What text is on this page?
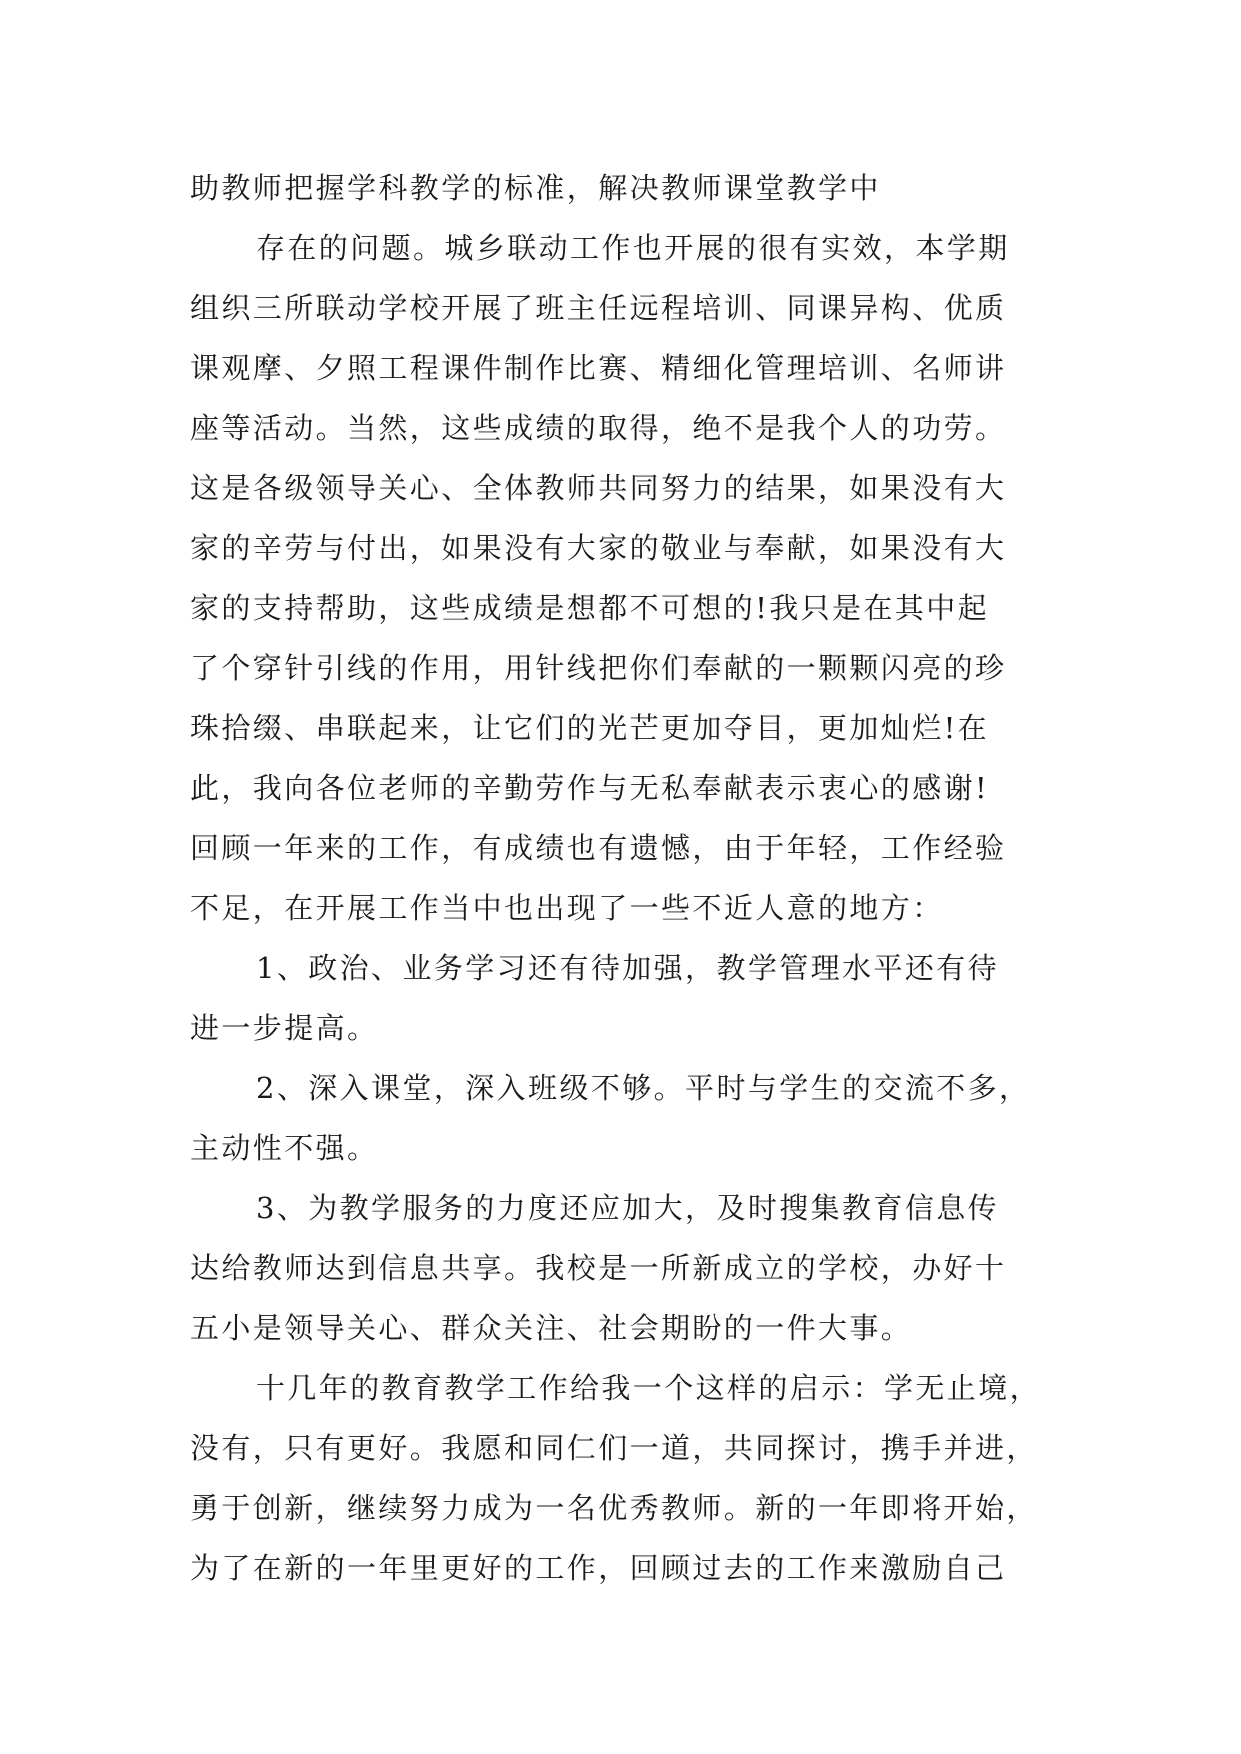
助教师把握学科教学的标准，解决教师课堂教学中
存在的问题。城乡联动工作也开展的很有实效，本学期
组织三所联动学校开展了班主任远程培训、同课异构、优质
课观摩、夕照工程课件制作比赛、精细化管理培训、名师讲
座等活动。当然，这些成绩的取得，绝不是我个人的功劳。
这是各级领导关心、全体教师共同努力的结果，如果没有大
家的辛劳与付出，如果没有大家的敬业与奉献，如果没有大
家的支持帮助，这些成绩是想都不可想的!我只是在其中起
了个穿针引线的作用，用针线把你们奉献的一颗颗闪亮的珍
珠拾缀、串联起来，让它们的光芒更加夺目，更加灿烂!在
此，我向各位老师的辛勤劳作与无私奉献表示衷心的感谢!
回顾一年来的工作，有成绩也有遗憾，由于年轻，工作经验
不足，在开展工作当中也出现了一些不近人意的地方：
1、政治、业务学习还有待加强，教学管理水平还有待
进一步提高。
2、深入课堂，深入班级不够。平时与学生的交流不多，
主动性不强。
3、为教学服务的力度还应加大，及时搜集教育信息传
达给教师达到信息共享。我校是一所新成立的学校，办好十
五小是领导关心、群众关注、社会期盼的一件大事。
十几年的教育教学工作给我一个这样的启示：学无止境，
没有，只有更好。我愿和同仁们一道，共同探讨，携手并进，
勇于创新，继续努力成为一名优秀教师。新的一年即将开始，
为了在新的一年里更好的工作，回顾过去的工作来激励自己
